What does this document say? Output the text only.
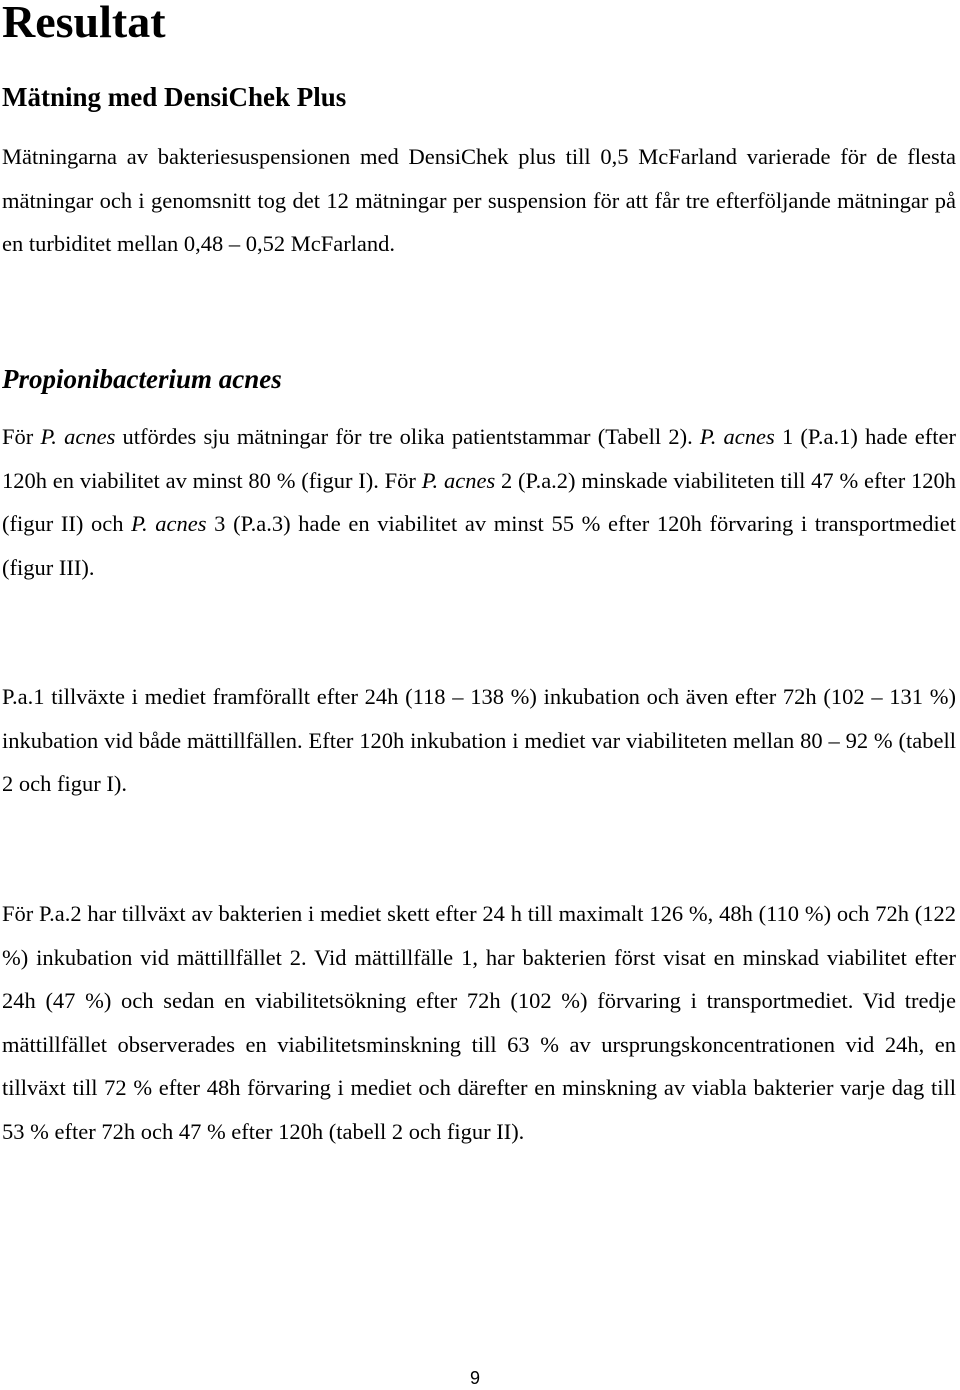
Resultat
Mätning med DensiChek Plus

Mätningarna av bakteriesuspensionen med DensiChek plus till 0,5 McFarland varierade för de flesta mätningar och i genomsnitt tog det 12 mätningar per suspension för att får tre efterföljande mätningar på en turbiditet mellan 0,48 – 0,52 McFarland.

Propionibacterium acnes

För P. acnes utfördes sju mätningar för tre olika patientstammar (Tabell 2). P. acnes 1 (P.a.1) hade efter 120h en viabilitet av minst 80 % (figur I). För P. acnes 2 (P.a.2) minskade viabiliteten till 47 % efter 120h (figur II) och P. acnes 3 (P.a.3) hade en viabilitet av minst 55 % efter 120h förvaring i transportmediet (figur III).

P.a.1 tillväxte i mediet framförallt efter 24h (118 – 138 %) inkubation och även efter 72h (102 – 131 %) inkubation vid både mättillfällen. Efter 120h inkubation i mediet var viabiliteten mellan 80 – 92 % (tabell 2 och figur I).

För P.a.2 har tillväxt av bakterien i mediet skett efter 24 h till maximalt 126 %, 48h (110 %) och 72h (122 %) inkubation vid mättillfället 2. Vid mättillfälle 1, har bakterien först visat en minskad viabilitet efter 24h (47 %) och sedan en viabilitetsökning efter 72h (102 %) förvaring i transportmediet. Vid tredje mättillfället observerades en viabilitetsminskning till 63 % av ursprungskoncentrationen vid 24h, en tillväxt till 72 % efter 48h förvaring i mediet och därefter en minskning av viabla bakterier varje dag till 53 % efter 72h och 47 % efter 120h (tabell 2 och figur II).

9
